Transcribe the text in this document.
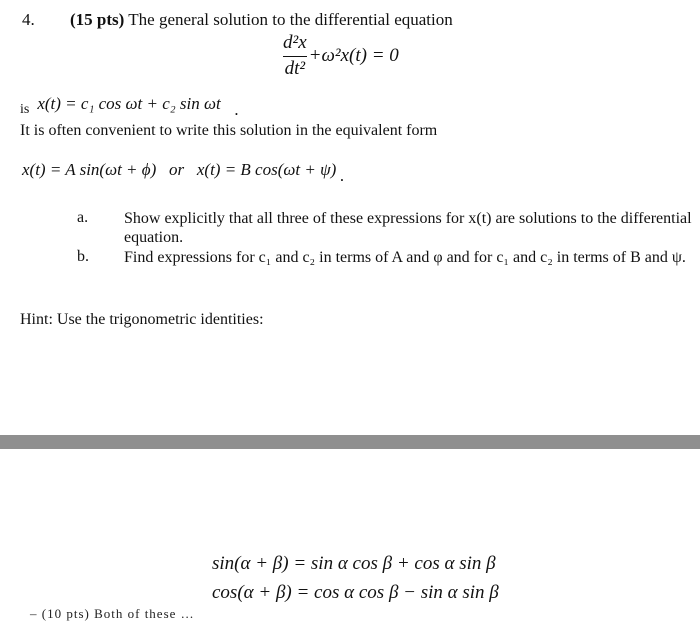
4. (15 pts) The general solution to the differential equation
$\frac{\text{d²x}}{\text{dt²}} +\omega^2x(t) = 0$
is x(t) = c₁ cos ωt + c₂ sin ωt .
It is often convenient to write this solution in the equivalent form
x(t) = A sin(ωt + ϕ)   or   x(t) = B cos(ωt + ψ) .
a. Show explicitly that all three of these expressions for x(t) are solutions to the differential equation.
b. Find expressions for c₁ and c₂ in terms of A and φ and for c₁ and c₂ in terms of B and ψ.
Hint: Use the trigonometric identities:
sin(α + β) = sin α cos β + cos α sin β
cos(α + β) = cos α cos β − sin α sin β
– (10 pts) Both of these …
